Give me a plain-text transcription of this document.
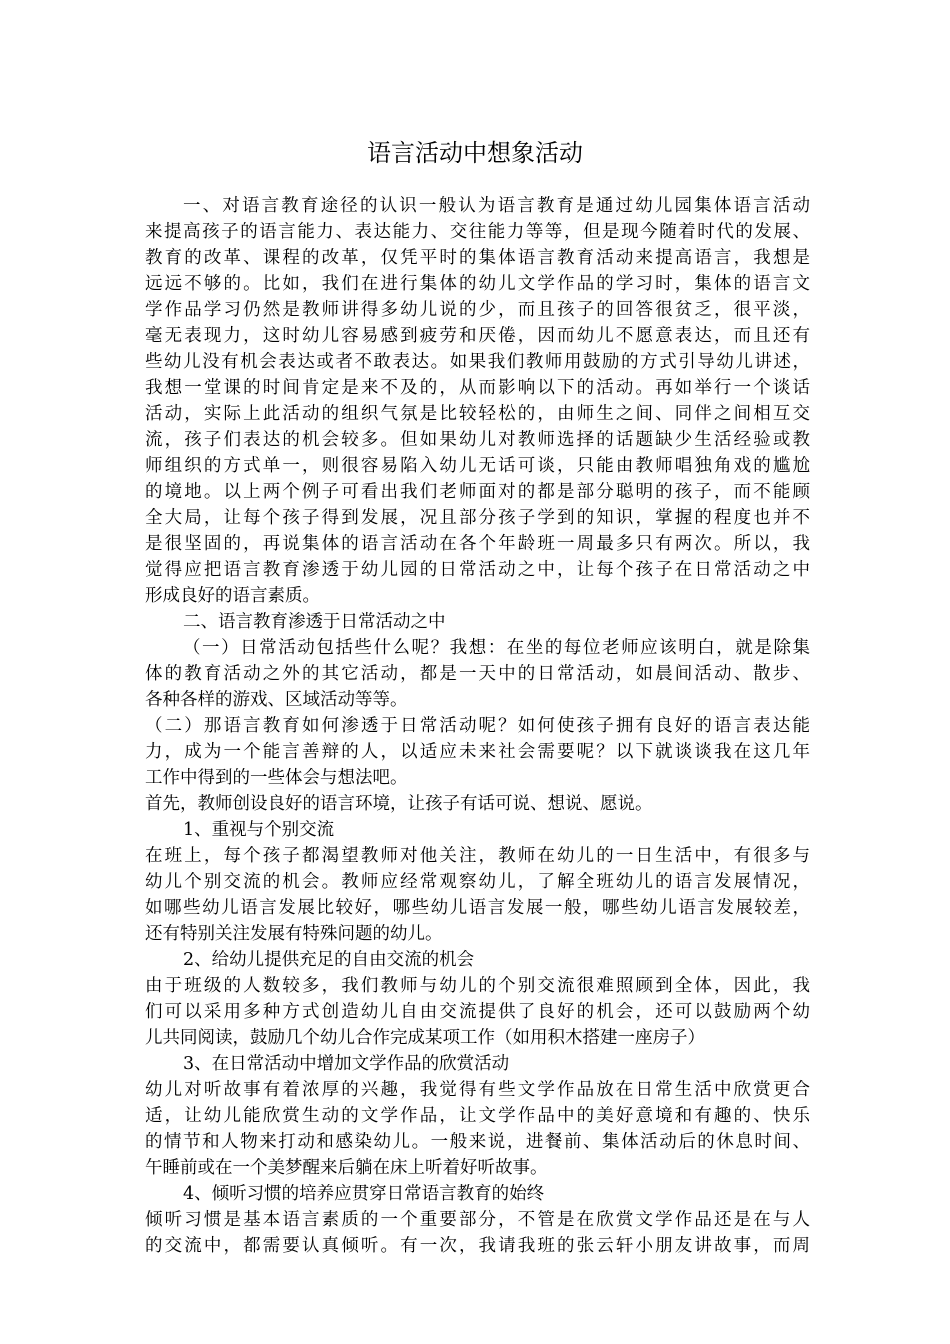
语言活动中想象活动
一、对语言教育途径的认识一般认为语言教育是通过幼儿园集体语言活动
来提高孩子的语言能力、表达能力、交往能力等等，但是现今随着时代的发展、
教育的改革、课程的改革，仅凭平时的集体语言教育活动来提高语言，我想是
远远不够的。比如，我们在进行集体的幼儿文学作品的学习时，集体的语言文
学作品学习仍然是教师讲得多幼儿说的少，而且孩子的回答很贫乏，很平淡，
毫无表现力，这时幼儿容易感到疲劳和厌倦，因而幼儿不愿意表达，而且还有
些幼儿没有机会表达或者不敢表达。如果我们教师用鼓励的方式引导幼儿讲述，
我想一堂课的时间肯定是来不及的，从而影响以下的活动。再如举行一个谈话
活动，实际上此活动的组织气氛是比较轻松的，由师生之间、同伴之间相互交
流，孩子们表达的机会较多。但如果幼儿对教师选择的话题缺少生活经验或教
师组织的方式单一，则很容易陷入幼儿无话可谈，只能由教师唱独角戏的尴尬
的境地。以上两个例子可看出我们老师面对的都是部分聪明的孩子，而不能顾
全大局，让每个孩子得到发展，况且部分孩子学到的知识，掌握的程度也并不
是很坚固的，再说集体的语言活动在各个年龄班一周最多只有两次。所以，我
觉得应把语言教育渗透于幼儿园的日常活动之中，让每个孩子在日常活动之中
形成良好的语言素质。
二、语言教育渗透于日常活动之中
（一）日常活动包括些什么呢？我想：在坐的每位老师应该明白，就是除集
体的教育活动之外的其它活动，都是一天中的日常活动，如晨间活动、散步、
各种各样的游戏、区域活动等等。
（二）那语言教育如何渗透于日常活动呢？如何使孩子拥有良好的语言表达能
力，成为一个能言善辩的人，以适应未来社会需要呢？以下就谈谈我在这几年
工作中得到的一些体会与想法吧。
首先，教师创设良好的语言环境，让孩子有话可说、想说、愿说。
1、重视与个别交流
在班上，每个孩子都渴望教师对他关注，教师在幼儿的一日生活中，有很多与
幼儿个别交流的机会。教师应经常观察幼儿，了解全班幼儿的语言发展情况，
如哪些幼儿语言发展比较好，哪些幼儿语言发展一般，哪些幼儿语言发展较差，
还有特别关注发展有特殊问题的幼儿。
2、给幼儿提供充足的自由交流的机会
由于班级的人数较多，我们教师与幼儿的个别交流很难照顾到全体，因此，我
们可以采用多种方式创造幼儿自由交流提供了良好的机会，还可以鼓励两个幼
儿共同阅读，鼓励几个幼儿合作完成某项工作（如用积木搭建一座房子）
3、在日常活动中增加文学作品的欣赏活动
幼儿对听故事有着浓厚的兴趣，我觉得有些文学作品放在日常生活中欣赏更合
适，让幼儿能欣赏生动的文学作品，让文学作品中的美好意境和有趣的、快乐
的情节和人物来打动和感染幼儿。一般来说，进餐前、集体活动后的休息时间、
午睡前或在一个美梦醒来后躺在床上听着好听故事。
4、倾听习惯的培养应贯穿日常语言教育的始终
倾听习惯是基本语言素质的一个重要部分，不管是在欣赏文学作品还是在与人
的交流中，都需要认真倾听。有一次，我请我班的张云轩小朋友讲故事，而周
